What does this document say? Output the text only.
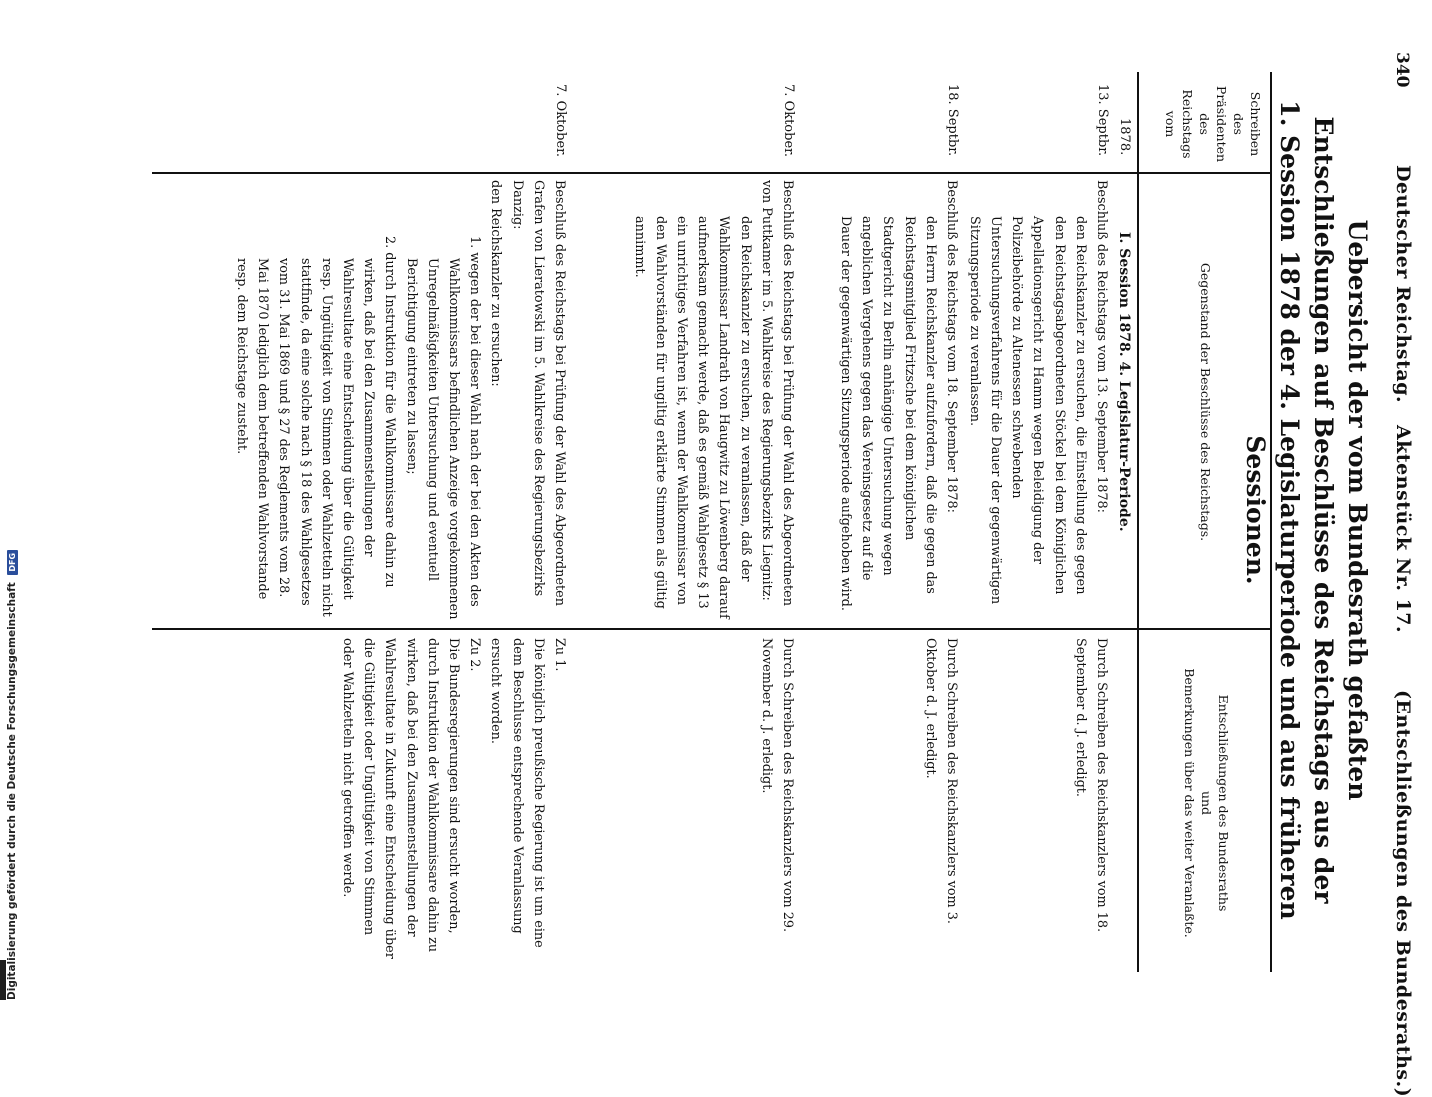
340
Deutscher Reichstag.
Aktenstück Nr. 17.
(Entschließungen des Bundesraths.)
Uebersicht der vom Bundesrath gefaßten Entschließungen auf Beschlüsse des Reichstags aus der 1. Session 1878 der 4. Legislaturperiode und aus früheren Sessionen.
Schreiben des Präsidenten des Reichstags vom
Gegenstand der Beschlüsse des Reichstags.
Entschließungen des Bundesraths
und
Bemerkungen über das weiter Veranlaßte.
1878.
I. Session 1878. 4. Legislatur-Periode.
13. Septbr.

Beschluß des Reichstags vom 13. September 1878:

den Reichskanzler zu ersuchen, die Einstellung des gegen den Reichstagsabgeordneten Stöckel bei dem Königlichen Appellationsgericht zu Hamm wegen Beleidigung der Polizeibehörde zu Altenessen schwebenden Untersuchungsverfahrens für die Dauer der gegenwärtigen Sitzungsperiode zu veranlassen.

Durch Schreiben des Reichskanzlers vom 18. September d. J. erledigt.

18. Septbr.

Beschluß des Reichstags vom 18. September 1878:

den Herrn Reichskanzler aufzufordern, daß die gegen das Reichstagsmitglied Fritzsche bei dem königlichen Stadtgericht zu Berlin anhängige Untersuchung wegen angeblichen Vergehens gegen das Vereinsgesetz auf die Dauer der gegenwärtigen Sitzungsperiode aufgehoben wird.

Durch Schreiben des Reichskanzlers vom 3. Oktober d. J. erledigt.

7. Oktober.

Beschluß des Reichstags bei Prüfung der Wahl des Abgeordneten von Puttkamer im 5. Wahlkreise des Regierungsbezirks Liegnitz:

den Reichskanzler zu ersuchen, zu veranlassen, daß der Wahlkommissar Landrath von Haugwitz zu Löwenberg darauf aufmerksam gemacht werde, daß es gemäß Wahlgesetz § 13 ein unrichtiges Verfahren ist, wenn der Wahlkommissar von den Wahlvorständen für ungiltig erklärte Stimmen als gültig annimmt.

Durch Schreiben des Reichskanzlers vom 29. November d. J. erledigt.

7. Oktober.

Beschluß des Reichstags bei Prüfung der Wahl des Abgeordneten Grafen von Lieratowski im 5. Wahlkreise des Regierungsbezirks Danzig:

den Reichskanzler zu ersuchen:

1. wegen der bei dieser Wahl nach der bei den Akten des Wahlkommissars befindlichen Anzeige vorgekommenen Unregelmäßigkeiten Untersuchung und eventuell Berichtigung eintreten zu lassen;

2. durch Instruktion für die Wahlkommissare dahin zu wirken, daß bei den Zusammenstellungen der Wahlresultate eine Entscheidung über die Gültigkeit resp. Ungültigkeit von Stimmen oder Wahlzetteln nicht stattfinde, da eine solche nach § 18 des Wahlgesetzes vom 31. Mai 1869 und § 27 des Reglements vom 28. Mai 1870 lediglich dem betreffenden Wahlvorstande resp. dem Reichstage zusteht.

Zu 1.

Die königlich preußische Regierung ist um eine dem Beschlusse entsprechende Veranlassung ersucht worden.

Zu 2.

Die Bundesregierungen sind ersucht worden, durch Instruktion der Wahlkommissare dahin zu wirken, daß bei den Zusammenstellungen der Wahlresultate in Zukunft eine Entscheidung über die Gültigkeit oder Ungültigkeit von Stimmen oder Wahlzetteln nicht getroffen werde.

Digitalisierung gefördert durch die Deutsche Forschungsgemeinschaft DFG
